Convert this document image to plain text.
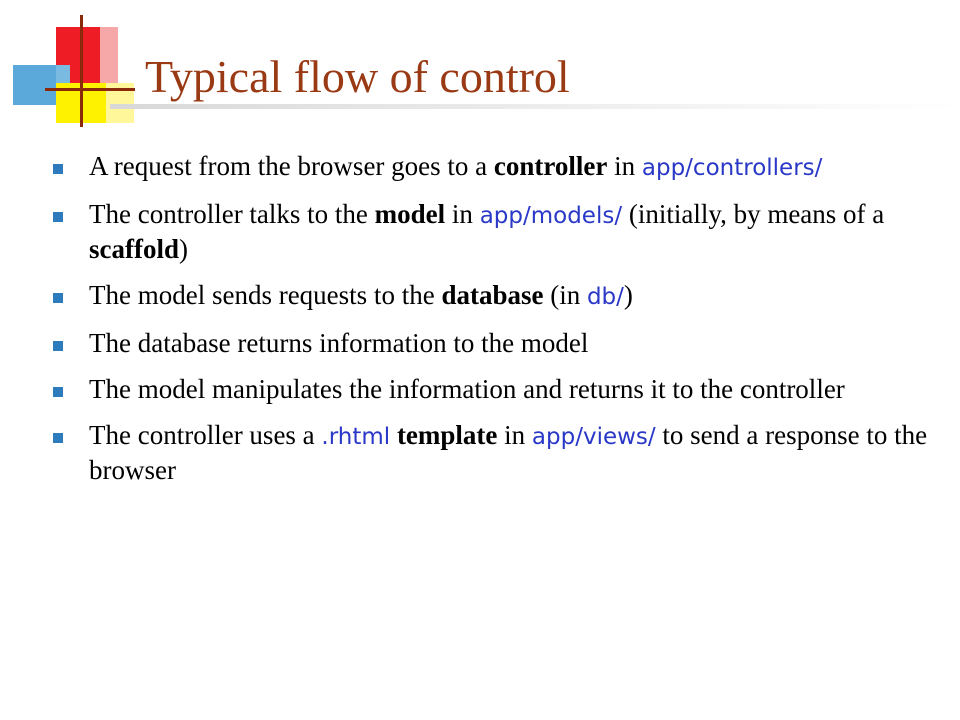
Typical flow of control
A request from the browser goes to a controller in app/controllers/
The controller talks to the model in app/models/ (initially, by means of a scaffold)
The model sends requests to the database (in db/)
The database returns information to the model
The model manipulates the information and returns it to the controller
The controller uses a .rhtml template in app/views/ to send a response to the browser
